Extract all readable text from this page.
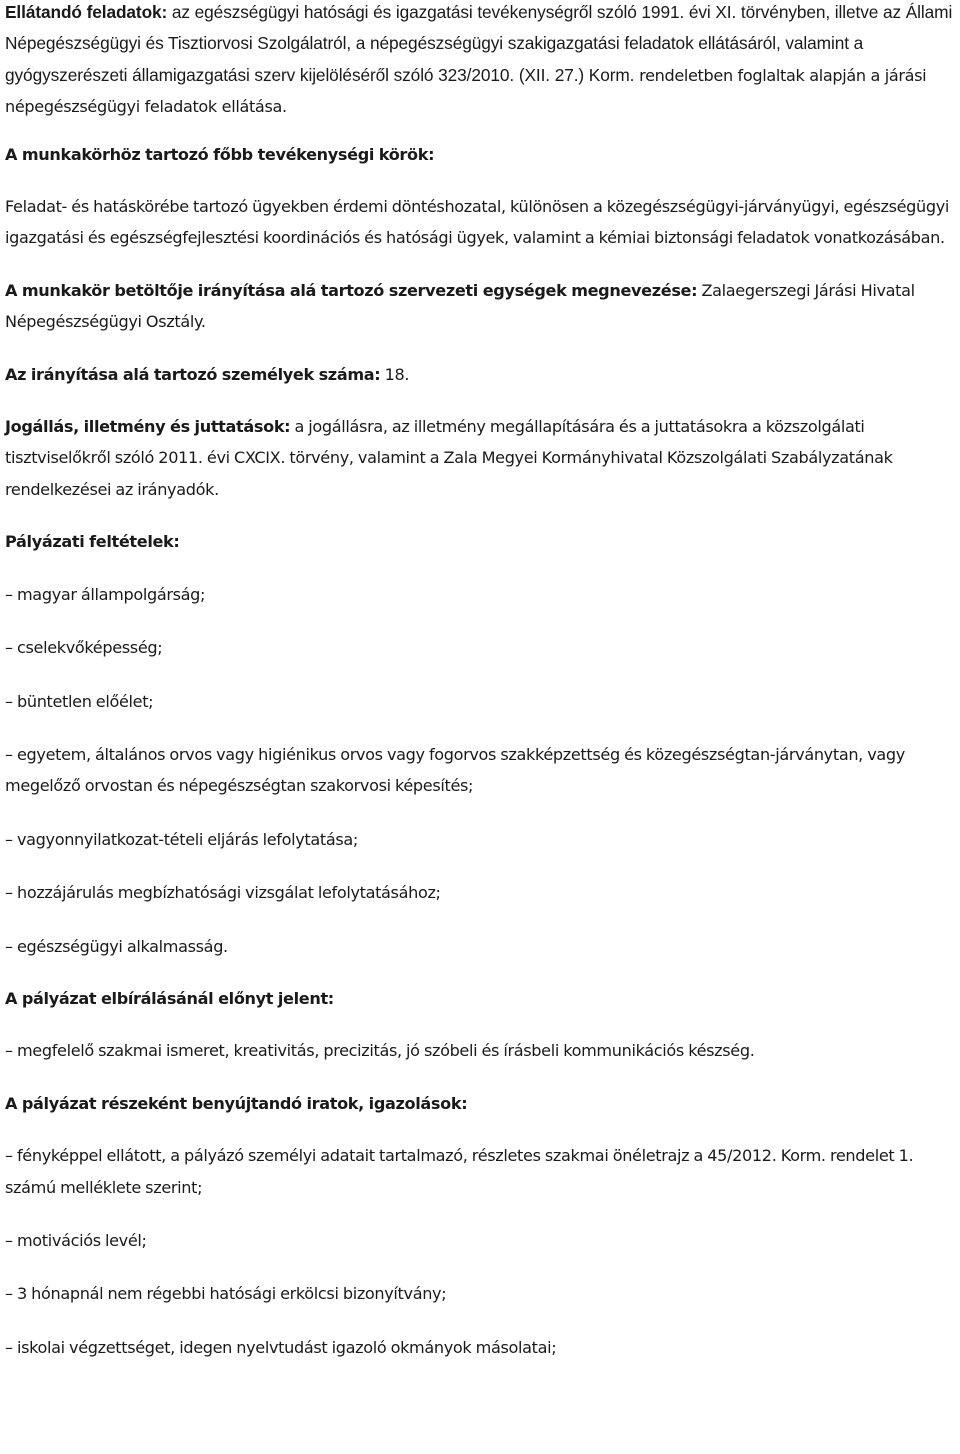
Ellátandó feladatok: az egészségügyi hatósági és igazgatási tevékenységről szóló 1991. évi XI. törvényben, illetve az Állami Népegészségügyi és Tisztiorvosi Szolgálatról, a népegészségügyi szakigazgatási feladatok ellátásáról, valamint a gyógyszerészeti államigazgatási szerv kijelöléséről szóló 323/2010. (XII. 27.) Korm. rendeletben foglaltak alapján a járási népegészségügyi feladatok ellátása.

A munkakörhöz tartozó főbb tevékenységi körök:

Feladat- és hatáskörébe tartozó ügyekben érdemi döntéshozatal, különösen a közegészségügyi-járványügyi, egészségügyi igazgatási és egészségfejlesztési koordinációs és hatósági ügyek, valamint a kémiai biztonsági feladatok vonatkozásában.

A munkakör betöltője irányítása alá tartozó szervezeti egységek megnevezése: Zalaegerszegi Járási Hivatal Népegészségügyi Osztály.

Az irányítása alá tartozó személyek száma: 18.

Jogállás, illetmény és juttatások: a jogállásra, az illetmény megállapítására és a juttatásokra a közszolgálati tisztviselőkről szóló 2011. évi CXCIX. törvény, valamint a Zala Megyei Kormányhivatal Közszolgálati Szabályzatának rendelkezései az irányadók.

Pályázati feltételek:

– magyar állampolgárság;

– cselekvőképesség;

– büntetlen előélet;

– egyetem, általános orvos vagy higiénikus orvos vagy fogorvos szakképzettség és közegészségtan-járványtan, vagy megelőző orvostan és népegészségtan szakorvosi képesítés;

– vagyonnyilatkozat-tételi eljárás lefolytatása;

– hozzájárulás megbízhatósági vizsgálat lefolytatásához;

– egészségügyi alkalmasság.

A pályázat elbírálásánál előnyt jelent:

– megfelelő szakmai ismeret, kreativitás, precizitás, jó szóbeli és írásbeli kommunikációs készség.

A pályázat részeként benyújtandó iratok, igazolások:

– fényképpel ellátott, a pályázó személyi adatait tartalmazó, részletes szakmai önéletrajz a 45/2012. Korm. rendelet 1. számú melléklete szerint;

– motivációs levél;

– 3 hónapnál nem régebbi hatósági erkölcsi bizonyítvány;

– iskolai végzettséget, idegen nyelvtudást igazoló okmányok másolatai;
